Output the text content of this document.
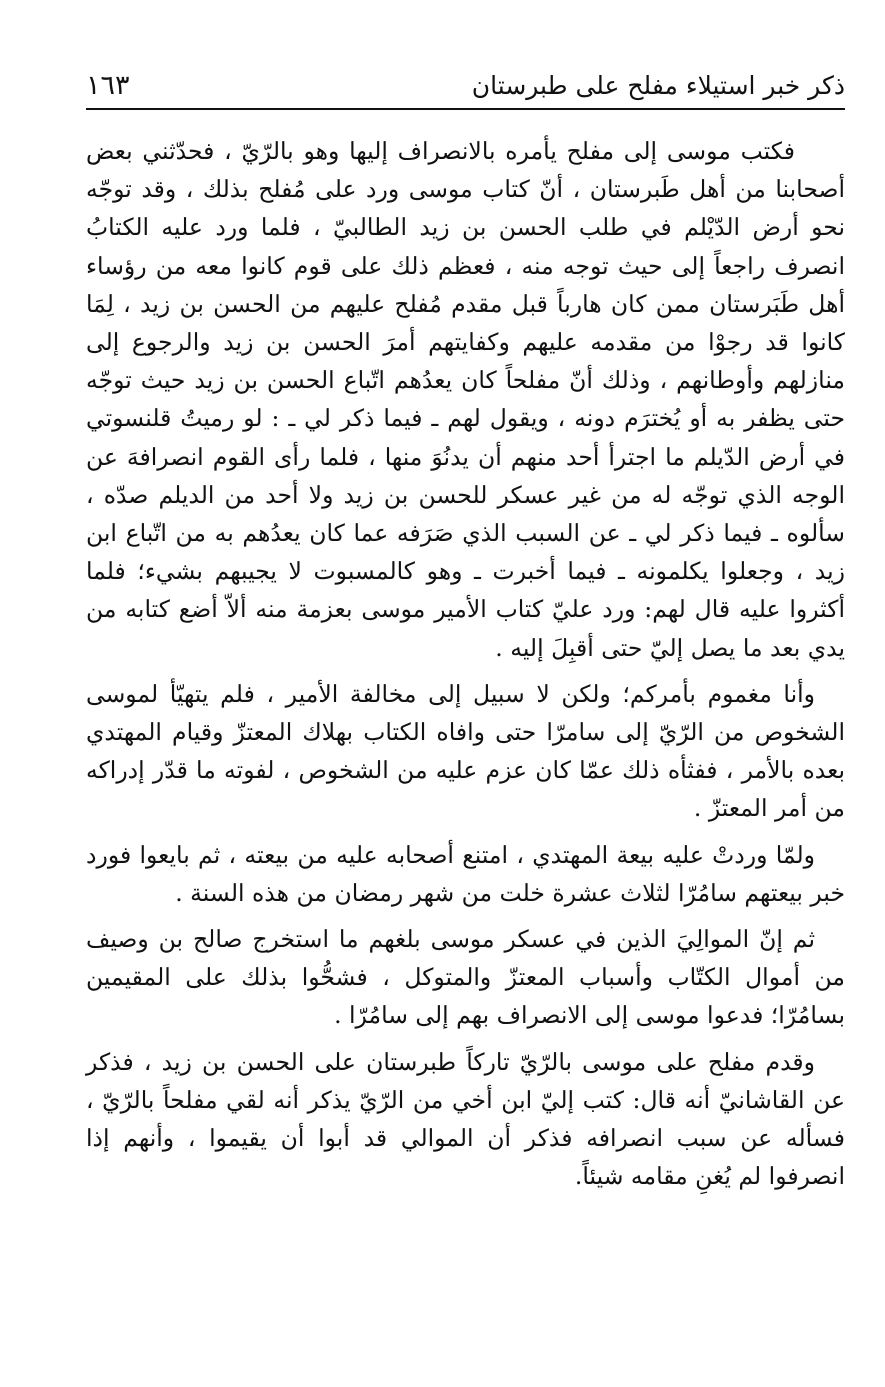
١٦٣	ذكر خبر استيلاء مفلح على طبرستان

فكتب موسى إلى مفلح يأمره بالانصراف إليها وهو بالرّيّ ، فحدّثني بعض أصحابنا من أهل طَبرستان ، أنّ كتاب موسى ورد على مُفلح بذلك ، وقد توجّه نحو أرض الدّيْلم في طلب الحسن بن زيد الطالبيّ ، فلما ورد عليه الكتابُ انصرف راجعاً إلى حيث توجه منه ، فعظم ذلك على قوم كانوا معه من رؤساء أهل طَبَرستان ممن كان هارباً قبل مقدم مُفلح عليهم من الحسن بن زيد ، لِمَا كانوا قد رجوْا من مقدمه عليهم وكفايتهم أمرَ الحسن بن زيد والرجوع إلى منازلهم وأوطانهم ، وذلك أنّ مفلحاً كان يعدُهم اتّباع الحسن بن زيد حيث توجّه حتى يظفر به أو يُخترَم دونه ، ويقول لهم ـ فيما ذكر لي ـ : لو رميتُ قلنسوتي في أرض الدّيلم ما اجترأ أحد منهم أن يدنُوَ منها ، فلما رأى القوم انصرافهَ عن الوجه الذي توجّه له من غير عسكر للحسن بن زيد ولا أحد من الديلم صدّه ، سألوه ـ فيما ذكر لي ـ عن السبب الذي صَرَفه عما كان يعدُهم به من اتّباع ابن زيد ، وجعلوا يكلمونه ـ فيما أخبرت ـ وهو كالمسبوت لا يجيبهم بشيء؛ فلما أكثروا عليه قال لهم: ورد عليّ كتاب الأمير موسى بعزمة منه ألاّ أضع كتابه من يدي بعد ما يصل إليّ حتى أقبِلَ إليه .

وأنا مغموم بأمركم؛ ولكن لا سبيل إلى مخالفة الأمير ، فلم يتهيّأ لموسى الشخوص من الرّيّ إلى سامرّا حتى وافاه الكتاب بهلاك المعتزّ وقيام المهتدي بعده بالأمر ، ففثأه ذلك عمّا كان عزم عليه من الشخوص ، لفوته ما قدّر إدراكه من أمر المعتزّ .

ولمّا وردتْ عليه بيعة المهتدي ، امتنع أصحابه عليه من بيعته ، ثم بايعوا فورد خبر بيعتهم سامُرّا لثلاث عشرة خلت من شهر رمضان من هذه السنة .

ثم إنّ الموالِيَ الذين في عسكر موسى بلغهم ما استخرج صالح بن وصيف من أموال الكتّاب وأسباب المعتزّ والمتوكل ، فشحُّوا بذلك على المقيمين بسامُرّا؛ فدعوا موسى إلى الانصراف بهم إلى سامُرّا .

وقدم مفلح على موسى بالرّيّ تاركاً طبرستان على الحسن بن زيد ، فذكر عن القاشانيّ أنه قال: كتب إليّ ابن أخي من الرّيّ يذكر أنه لقي مفلحاً بالرّيّ ، فسأله عن سبب انصرافه فذكر أن الموالي قد أبوا أن يقيموا ، وأنهم إذا انصرفوا لم يُغنِ مقامه شيئاً.
